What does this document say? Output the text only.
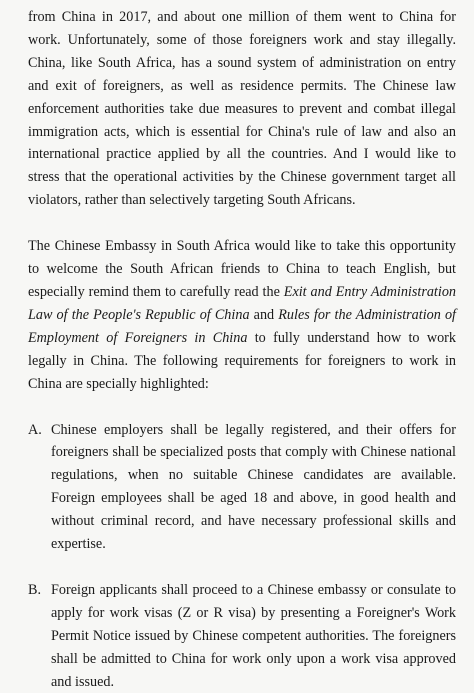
from China in 2017, and about one million of them went to China for work. Unfortunately, some of those foreigners work and stay illegally. China, like South Africa, has a sound system of administration on entry and exit of foreigners, as well as residence permits. The Chinese law enforcement authorities take due measures to prevent and combat illegal immigration acts, which is essential for China's rule of law and also an international practice applied by all the countries. And I would like to stress that the operational activities by the Chinese government target all violators, rather than selectively targeting South Africans.

The Chinese Embassy in South Africa would like to take this opportunity to welcome the South African friends to China to teach English, but especially remind them to carefully read the Exit and Entry Administration Law of the People's Republic of China and Rules for the Administration of Employment of Foreigners in China to fully understand how to work legally in China. The following requirements for foreigners to work in China are specially highlighted:

A. Chinese employers shall be legally registered, and their offers for foreigners shall be specialized posts that comply with Chinese national regulations, when no suitable Chinese candidates are available. Foreign employees shall be aged 18 and above, in good health and without criminal record, and have necessary professional skills and expertise.
B. Foreign applicants shall proceed to a Chinese embassy or consulate to apply for work visas (Z or R visa) by presenting a Foreigner's Work Permit Notice issued by Chinese competent authorities. The foreigners shall be admitted to China for work only upon a work visa approved and issued.
